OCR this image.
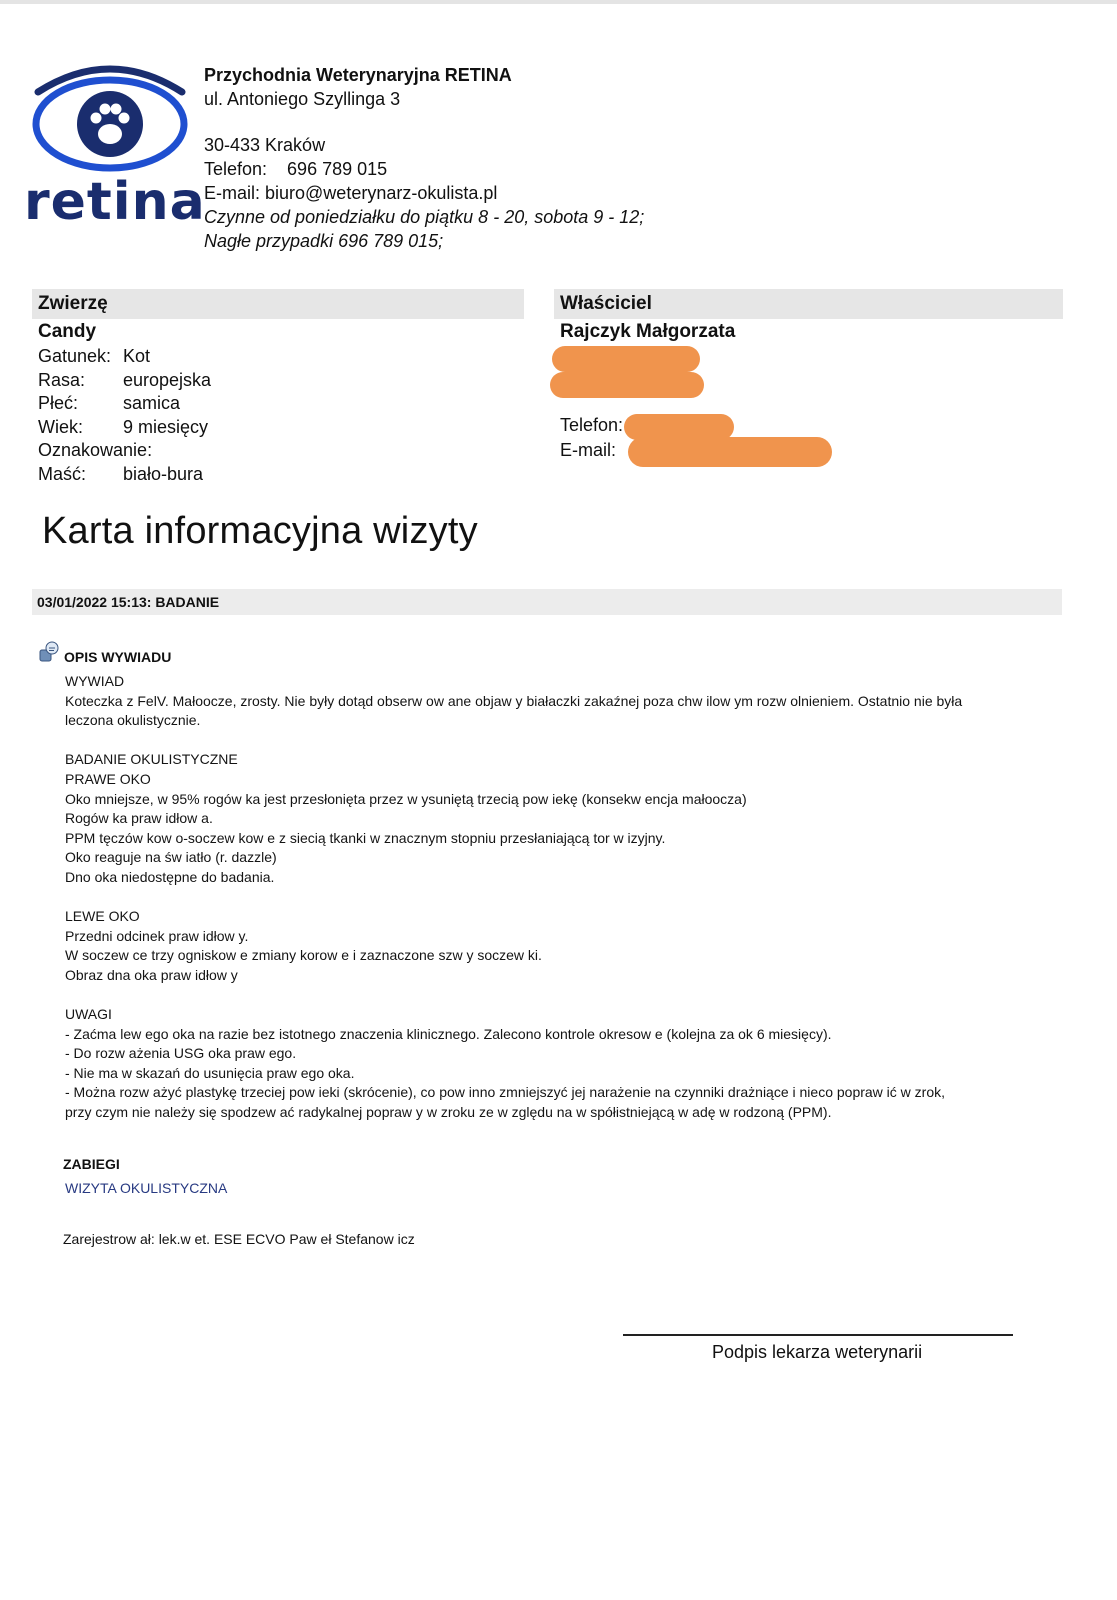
retina
Przychodnia Weterynaryjna RETINA
ul. Antoniego Szyllinga 3
30-433 Kraków
Telefon: 696 789 015
E-mail: biuro@weterynarz-okulista.pl
Czynne od poniedziałku do piątku 8 - 20, sobota 9 - 12;
Nagłe przypadki 696 789 015;
Zwierzę
Candy
Gatunek: Kot
Rasa:	europejska
Płeć:	samica
Wiek:	9 miesięcy
Oznakowanie:
Maść:	biało-bura
Właściciel
Rajczyk Małgorzata
Telefon:
E-mail:
Karta informacyjna wizyty
03/01/2022 15:13: BADANIE
OPIS WYWIADU

WYWIAD

Koteczka z FelV. Małoocze, zrosty. Nie były dotąd obserw ow ane objaw y białaczki zakaźnej poza chw ilow ym rozw olnieniem. Ostatnio nie była

leczona okulistycznie.

BADANIE OKULISTYCZNE

PRAWE OKO

Oko mniejsze, w 95% rogów ka jest przesłonięta przez w ysuniętą trzecią pow iekę (konsekw encja małoocza)

Rogów ka praw idłow a.

PPM tęczów kow o-soczew kow e z siecią tkanki w znacznym stopniu przesłaniającą tor w izyjny.

Oko reaguje na św iatło (r. dazzle)

Dno oka niedostępne do badania.

LEWE OKO

Przedni odcinek praw idłow y.

W soczew ce trzy ogniskow e zmiany korow e i zaznaczone szw y soczew ki.

Obraz dna oka praw idłow y

UWAGI

- Zaćma lew ego oka na razie bez istotnego znaczenia klinicznego. Zalecono kontrole okresow e (kolejna za ok 6 miesięcy).

- Do rozw ażenia USG oka praw ego.

- Nie ma w skazań do usunięcia praw ego oka.

- Można rozw ażyć plastykę trzeciej pow ieki (skrócenie), co pow inno zmniejszyć jej narażenie na czynniki drażniące i nieco popraw ić w zrok,

przy czym nie należy się spodzew ać radykalnej popraw y w zroku ze w zględu na w spółistniejącą w adę w rodzoną (PPM).

ZABIEGI
WIZYTA OKULISTYCZNA
Zarejestrow ał: lek.w et. ESE ECVO Paw eł Stefanow icz
Podpis lekarza weterynarii
